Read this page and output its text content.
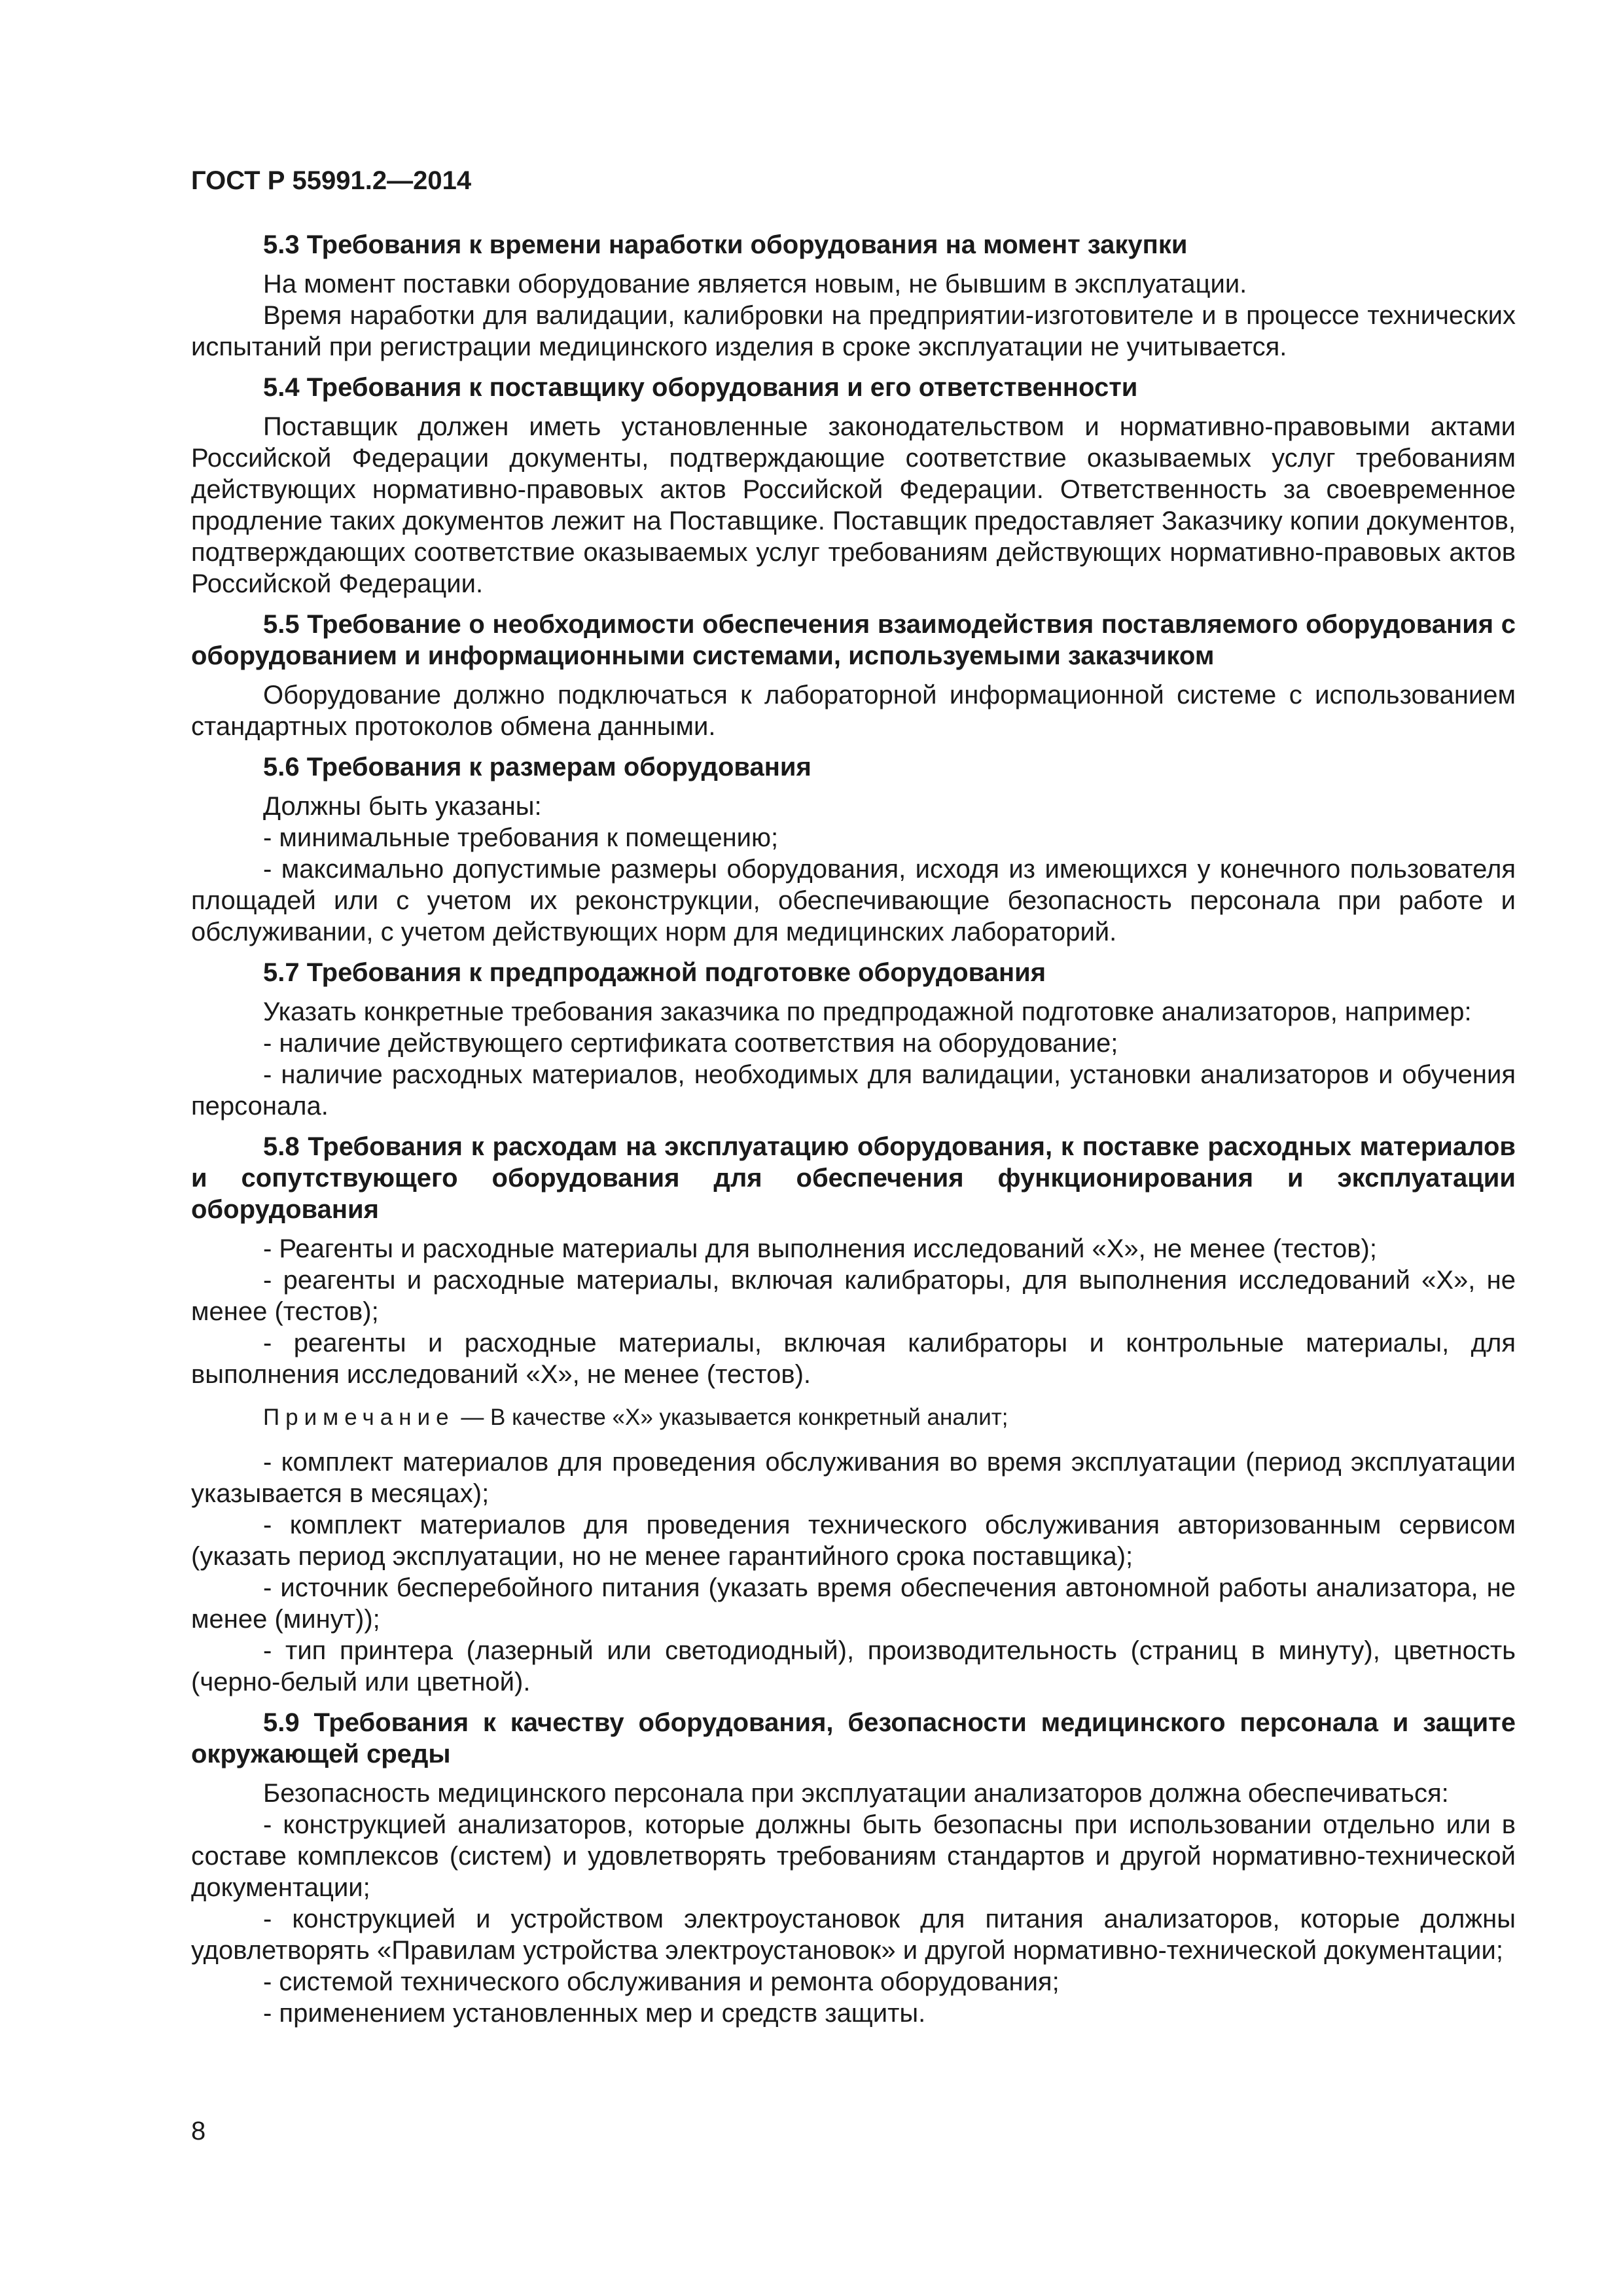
ГОСТ Р 55991.2—2014
5.3 Требования к времени наработки оборудования на момент закупки
На момент поставки оборудование является новым, не бывшим в эксплуатации.
Время наработки для валидации, калибровки на предприятии-изготовителе и в процессе технических испытаний при регистрации медицинского изделия в сроке эксплуатации не учитывается.
5.4 Требования к поставщику оборудования и его ответственности
Поставщик должен иметь установленные законодательством и нормативно-правовыми актами Российской Федерации документы, подтверждающие соответствие оказываемых услуг требованиям действующих нормативно-правовых актов Российской Федерации. Ответственность за своевременное продление таких документов лежит на Поставщике. Поставщик предоставляет Заказчику копии документов, подтверждающих соответствие оказываемых услуг требованиям действующих нормативно-правовых актов Российской Федерации.
5.5 Требование о необходимости обеспечения взаимодействия поставляемого оборудования с оборудованием и информационными системами, используемыми заказчиком
Оборудование должно подключаться к лабораторной информационной системе с использованием стандартных протоколов обмена данными.
5.6 Требования к размерам оборудования
Должны быть указаны:
- минимальные требования к помещению;
- максимально допустимые размеры оборудования, исходя из имеющихся у конечного пользователя площадей или с учетом их реконструкции, обеспечивающие безопасность персонала при работе и обслуживании, с учетом действующих норм для медицинских лабораторий.
5.7 Требования к предпродажной подготовке оборудования
Указать конкретные требования заказчика по предпродажной подготовке анализаторов, например:
- наличие действующего сертификата соответствия на оборудование;
- наличие расходных материалов, необходимых для валидации, установки анализаторов и обучения персонала.
5.8 Требования к расходам на эксплуатацию оборудования, к поставке расходных материалов и сопутствующего оборудования для обеспечения функционирования и эксплуатации оборудования
- Реагенты и расходные материалы для выполнения исследований «X», не менее (тестов);
- реагенты и расходные материалы, включая калибраторы, для выполнения исследований «X», не менее (тестов);
- реагенты и расходные материалы, включая калибраторы и контрольные материалы, для выполнения исследований «X», не менее (тестов).
Примечание — В качестве «X» указывается конкретный аналит;
- комплект материалов для проведения обслуживания во время эксплуатации (период эксплуатации указывается в месяцах);
- комплект материалов для проведения технического обслуживания авторизованным сервисом (указать период эксплуатации, но не менее гарантийного срока поставщика);
- источник бесперебойного питания (указать время обеспечения автономной работы анализатора, не менее (минут));
- тип принтера (лазерный или светодиодный), производительность (страниц в минуту), цветность (черно-белый или цветной).
5.9 Требования к качеству оборудования, безопасности медицинского персонала и защите окружающей среды
Безопасность медицинского персонала при эксплуатации анализаторов должна обеспечиваться:
- конструкцией анализаторов, которые должны быть безопасны при использовании отдельно или в составе комплексов (систем) и удовлетворять требованиям стандартов и другой нормативно-технической документации;
- конструкцией и устройством электроустановок для питания анализаторов, которые должны удовлетворять «Правилам устройства электроустановок» и другой нормативно-технической документации;
- системой технического обслуживания и ремонта оборудования;
- применением установленных мер и средств защиты.
8
